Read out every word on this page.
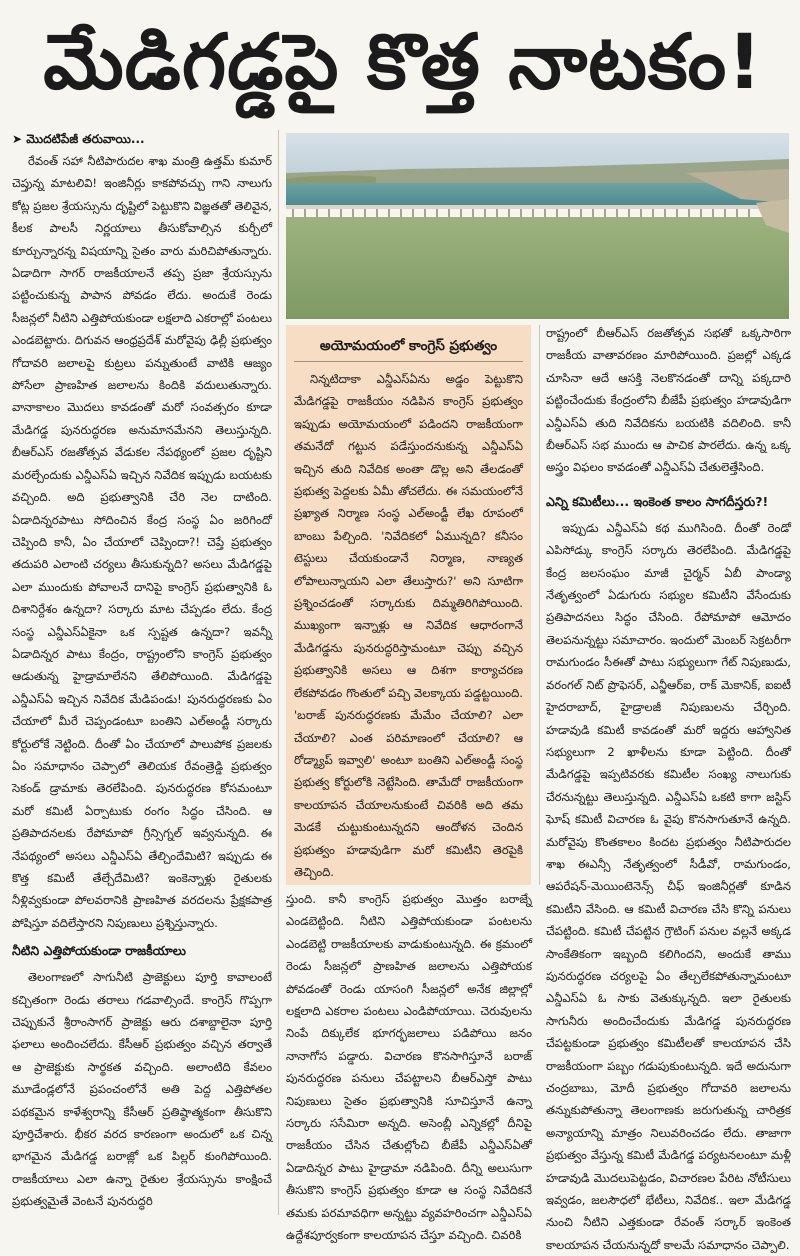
మేడిగడ్డపై కొత్త నాటకం!
➤ మొదటిపేజీ తరువాయి...

రేవంత్ సహా నీటిపారుదల శాఖ మంత్రి ఉత్తమ్ కుమార్ చెప్తున్న మాటలివి! ఇంజినీర్లు కాకపోవచ్చు గాని నాలుగు కోట్ల ప్రజల శ్రేయస్సును దృష్టిలో పెట్టుకొని విజ్ఞతతో తెలివైన, కీలక పాలసీ నిర్ణయాలు తీసుకోవాల్సిన కుర్చీలో కూర్చున్నారన్న విషయాన్ని సైతం వారు మరిచిపోతున్నారు. ఏడాదిగా సాగర్ రాజకీయాలనే తప్ప ప్రజా శ్రేయస్సును పట్టించుకున్న పాపాన పోవడం లేదు. అందుకే రెండు సీజన్లలో నీటిని ఎత్తిపోయకుండా లక్షలాది ఎకరాల్లో పంటలు ఎండబెట్టారు. దిగువన ఆంధ్రప్రదేశ్ మరోవైపు ఢిల్లీ ప్రభుత్వం గోదావరి జలాలపై కుట్రలు పన్నుతుంటే వాటికి ఆజ్యం పోసేలా ప్రాణహిత జలాలను కిందికి వదులుతున్నారు. వానాకాలం మొదలు కావడంతో మరో సంవత్సరం కూడా మేడిగడ్డ పునరుద్ధరణ అనుమానమేనని తెలుస్తున్నది. బీఆర్ఎస్ రజతోత్సవ వేడుకల నేపథ్యంలో ప్రజల దృష్టిని మరల్చేందుకు ఎన్డీఎస్ఏ ఇచ్చిన నివేదిక ఇప్పుడు బయటకు వచ్చింది. అది ప్రభుత్వానికి చేరి నెల దాటింది. ఏడాదిన్నరపాటు సోదించిన కేంద్ర సంస్థ ఏం జరిగిందో చెప్పింది కానీ, ఏం చేయాలో చెప్పిందా?! చెప్తే ప్రభుత్వం తదుపరి ఎలాంటి చర్యలు తీసుకున్నది? అసలు మేడిగడ్డపై ఎలా ముందుకు పోవాలనే దానిపై కాంగ్రెస్ ప్రభుత్వానికి ఓ దిశానిర్దేశం ఉన్నదా? సర్కారు మాట చేప్పడం లేదు. కేంద్ర సంస్థ ఎన్డీఎస్ఏకైనా ఒక స్పష్టత ఉన్నదా? ఇవన్నీ ఏడాదిన్నర పాటు కేంద్రం, రాష్ట్రంలోని కాంగ్రెస్ ప్రభుత్వం ఆడుతున్న హైడ్రామాలేనని తేలిపోయింది. మేడిగడ్డపై ఎన్డీఎస్ఏ ఇచ్చిన నివేదిక మేడిపండు! పునరుద్ధరణకు ఏం చేయాలో మీరే చెప్పండంటూ బంతిని ఎల్అండ్టీ సర్కారు కోర్టులోకే నెట్టింది. దీంతో ఏం చేయాలో పాలుపోక ప్రజలకు ఏం సమాధానం చెప్పాలో తెలియక రేవంత్రెడ్డి ప్రభుత్వం సెకండ్ డ్రామాకు తెరలేపింది. పునరుద్ధరణ కోసమంటూ మరో కమిటీ ఏర్పాటుకు రంగం సిద్ధం చేసింది. ఆ ప్రతిపాదనలకు రేపోమాపో గ్రీన్సిగ్నల్ ఇవ్వనున్నది. ఈ నేపథ్యంలో అసలు ఎన్డీఎస్ఏ తేల్చిందేమిటి? ఇప్పుడు ఈ కొత్త కమిటీ తేల్చేదేమిటి? ఇంకెన్నాళ్లు రైతులకు నీళ్లివ్వకుండా పోలవరానికి ప్రాణహిత వరదలను ప్రేక్షకపాత్ర పోషిస్తూ వదిలేస్తారని నిపుణులు ప్రశ్నిస్తున్నారు.

నీటిని ఎత్తిపోయకుండా రాజకీయాలు

తెలంగాణలో సాగునీటి ప్రాజెక్టులు పూర్తి కావాలంటే కచ్చితంగా రెండు తరాలు గడవాల్సిందే. కాంగ్రెస్ గొప్పగా చెప్పుకునే శ్రీరాంసాగర్ ప్రాజెక్టు ఆరు దశాబ్దాలైనా పూర్తి ఫలాలు అందించలేదు. కేసీఆర్ ప్రభుత్వం వచ్చిన తర్వాతే ఆ ప్రాజెక్టుకు సార్థకత వచ్చింది. అలాంటిది కేవలం మూడేండ్లలోనే ప్రపంచంలోనే అతి పెద్ద ఎత్తిపోతల పథకమైన కాళేశ్వరాన్ని కేసీఆర్ ప్రతిష్ఠాత్మకంగా తీసుకొని పూర్తిచేశారు. భీకర వరద కారణంగా అందులో ఒక చిన్న భాగమైన మేడిగడ్డ బరాజ్లో ఒక పిల్లర్ కుంగిపోయింది. రాజకీయాలు ఎలా ఉన్నా రైతుల శ్రేయస్సును కాంక్షించే ప్రభుత్వమైతే వెంటనే పునరుద్ధరి

అయోమయంలో కాంగ్రెస్ ప్రభుత్వం

నిన్నటిదాకా ఎన్డీఎస్ఏను అడ్డం పెట్టుకొని మేడిగడ్డపై రాజకీయం నడిపిన కాంగ్రెస్ ప్రభుత్వం ఇప్పుడు అయోమయంలో పడిందని రాజకీయంగా తమనేదో గట్టున పడేస్తుందనుకున్న ఎన్డీఎస్ఏ ఇచ్చిన తుది నివేదిక అంతా డొల్ల అని తేలడంతో ప్రభుత్వ పెద్దలకు ఏమీ తోచలేదు. ఈ సమయంలోనే ప్రఖ్యాత నిర్మాణ సంస్థ ఎల్అండ్టీ లేఖ రూపంలో బాంబు పేల్చింది. 'నివేదికలో ఏమున్నది? కనీసం టెస్టులు చేయకుండానే నిర్మాణ, నాణ్యత లోపాలున్నాయని ఎలా తేలుస్తారు?' అని సూటిగా ప్రశ్నించడంతో సర్కారుకు దిమ్మతిరిగిపోయింది. ముఖ్యంగా ఇన్నాళ్లు ఆ నివేదిక ఆధారంగానే మేడిగడ్డను పునరుద్ధరిస్తామంటూ చెప్పు వచ్చిన ప్రభుత్వానికి అసలు ఆ దిశగా కార్యాచరణ లేకపోవడం గొంతులో పచ్చి వెలక్కాయ పడ్డట్టయింది. 'బరాజ్ పునరుద్ధరణకు మేమేం చేయాలి? ఎలా చేయాలి? ఎంత పరిమాణంలో చేయాలి? ఆ రోడ్మ్యాప్ ఇవ్వాలి' అంటూ బంతిని ఎల్అండ్టీ సంస్థ ప్రభుత్వ కోర్టులోకి నెట్టేసింది. తామేదో రాజకీయంగా కాలయాపన చేయాలనుకుంటే చివరికి అది తమ మెడకే చుట్టుకుంటున్నదని ఆందోళన చెందిన ప్రభుత్వం హడావుడిగా మరో కమిటీని తెరపైకి తెచ్చింది.

స్తుంది. కానీ కాంగ్రెస్ ప్రభుత్వం మొత్తం బరాజ్నే ఎండబెట్టింది. నీటిని ఎత్తిపోయకుండా పంటలను ఎండబెట్టి రాజకీయాలకు వాడుకుంటున్నది. ఈ క్రమంలో రెండు సీజన్లలో ప్రాణహిత జలాలను ఎత్తిపోయక పోవడంతో రెండు యాసంగి సీజన్లలో అనేక జిల్లాల్లో లక్షలాది ఎకరాల పంటలు ఎండిపోయాయి. చెరువులను నింపే దిక్కులేక భూగర్భజలాలు పడిపోయి జనం నానాగోస పడ్డారు. విచారణ కొనసాగిస్తూనే బరాజ్ పునరుద్ధరణ పనులు చేపట్టాలని బీఆర్ఎస్తో పాటు నిపుణులు సైతం ప్రభుత్వానికి సూచిస్తూనే ఉన్నా సర్కారు ససేమిరా అన్నది. అసెంబ్లీ ఎన్నికల్లో దీనిపై రాజకీయం చేసిన చేతుల్లోంచి బీజేపీ ఎన్డీఎస్ఏతో ఏడాదిన్నర పాటు హైడ్రామా నడిపింది. దీన్ని అలుసుగా తీసుకొని కాంగ్రెస్ ప్రభుత్వం కూడా ఆ సంస్థ నివేదికనే తమకు పరమావధిగా అన్నట్టు వ్యవహరించగా ఎన్డీఎస్ఏ ఉద్దేశపూర్వకంగా కాలయాపన చేస్తూ వచ్చింది. చివరికి

రాష్ట్రంలో బీఆర్ఎస్ రజతోత్సవ సభతో ఒక్కసారిగా రాజకీయ వాతావరణం మారిపోయింది. ప్రజల్లో ఎక్కడ చూసినా ఆదే ఆసక్తి నెలకొనడంతో దాన్ని పక్కదారి పట్టించేందుకు కేంద్రంలోని బీజేపీ ప్రభుత్వం హడావుడిగా ఎన్డీఎస్ఏ తుది నివేదికను బయటికి వదిలింది. కానీ బీఆర్ఎస్ సభ ముందు ఆ పాచిక పారలేదు. ఉన్న ఒక్క అస్త్రం విఫలం కావడంతో ఎన్డీఎస్ఏ చేతులెత్తేసింది.

ఎన్ని కమిటీలు... ఇంకెంత కాలం సాగదీస్తరు?!

ఇప్పుడు ఎన్డీఎస్ఏ కథ ముగిసింది. దీంతో రెండో ఎపిసోడ్కు కాంగ్రెస్ సర్కారు తెరలేపింది. మేడిగడ్డపై కేంద్ర జలసంఘం మాజీ చైర్మన్ ఏబీ పాండ్యా నేతృత్వంలో ఏడుగురు సభ్యుల కమిటీని వేసేందుకు ప్రతిపాదనలు సిద్ధం చేసింది. రేపోమాపో ఆమోదం తెలపనున్నట్టు సమాచారం. ఇందులో మెంబర్ సెక్రటరీగా రామగుండం సీఈతో పాటు సభ్యులుగా గేట్ నిపుణుడు, వరంగల్ నిట్ ప్రొఫెసర్, ఎన్జీఆర్ఐ, రాక్ మెకానిక్, ఐఐటీ హైదరాబాద్, హైడ్రాలజీ నిపుణులను చేర్చింది. హడావుడి కమిటీ కావడంతో మరో ఇద్దరు ఆహ్వానిత సభ్యులుగా 2 ఖాళీలను కూడా పెట్టింది. దీంతో మేడిగడ్డపై ఇప్పటివరకు కమిటీల సంఖ్య నాలుగుకు చేరనున్నట్టు తెలుస్తున్నది. ఎన్డీఎస్ఏ ఒకటి కాగా జస్టిస్ ఘోష్ కమిటీ విచారణ ఓ వైపు కొనసాగుతూనే ఉన్నది. మరోవైపు కొంతకాలం కిందట ప్రభుత్వం నీటిపారుదల శాఖ ఈఎన్సీ నేతృత్వంలో సీడీవో, రామగుండం, ఆపరేషన్-మెయింటెనెన్స్ చీఫ్ ఇంజినీర్లతో కూడిన కమిటీని వేసింది. ఆ కమిటీ విచారణ చేసి కొన్ని పనులు చేపట్టింది. కమిటీ చేపట్టిన గ్రౌటింగ్ పనుల వల్లనే అక్కడ సాంకేతికంగా ఇబ్బంది కలిగిందని, అందుకే తాము పునరుద్ధరణ చర్యలపై ఏం తేల్చలేకపోతున్నామంటూ ఎన్డీఎస్ఏ ఓ సాకు వెతుక్కున్నది. ఇలా రైతులకు సాగునీరు అందించేందుకు మేడిగడ్డ పునరుద్ధరణ చేపట్టకుండా ప్రభుత్వం కమిటీలతో కాలయాపన చేసి రాజకీయంగా పబ్బం గడుపుకుంటున్నది. ఇదే అదునుగా చంద్రబాబు, మోదీ ప్రభుత్వం గోదావరి జలాలను తన్నుకుపోతున్నా తెలంగాణకు జరుగుతున్న చారిత్రక అన్యాయాన్ని మాత్రం నిలువరించడం లేదు. తాజాగా ప్రభుత్వం వేస్తున్న కమిటీ మేడిగడ్డ పర్యటనలంటూ మళ్లీ హడావుడి మొదలుపెట్టడం, విచారణల పేరిట నోటీసులు ఇవ్వడం, జలసౌధలో భేటీలు, నివేదిక.. ఇలా మేడిగడ్డ నుంచి నీటిని ఎత్తకుండా రేవంత్ సర్కార్ ఇంకెంత కాలయాపన చేయనున్నదో కాలమే సమాధానం చెప్పాలి.
